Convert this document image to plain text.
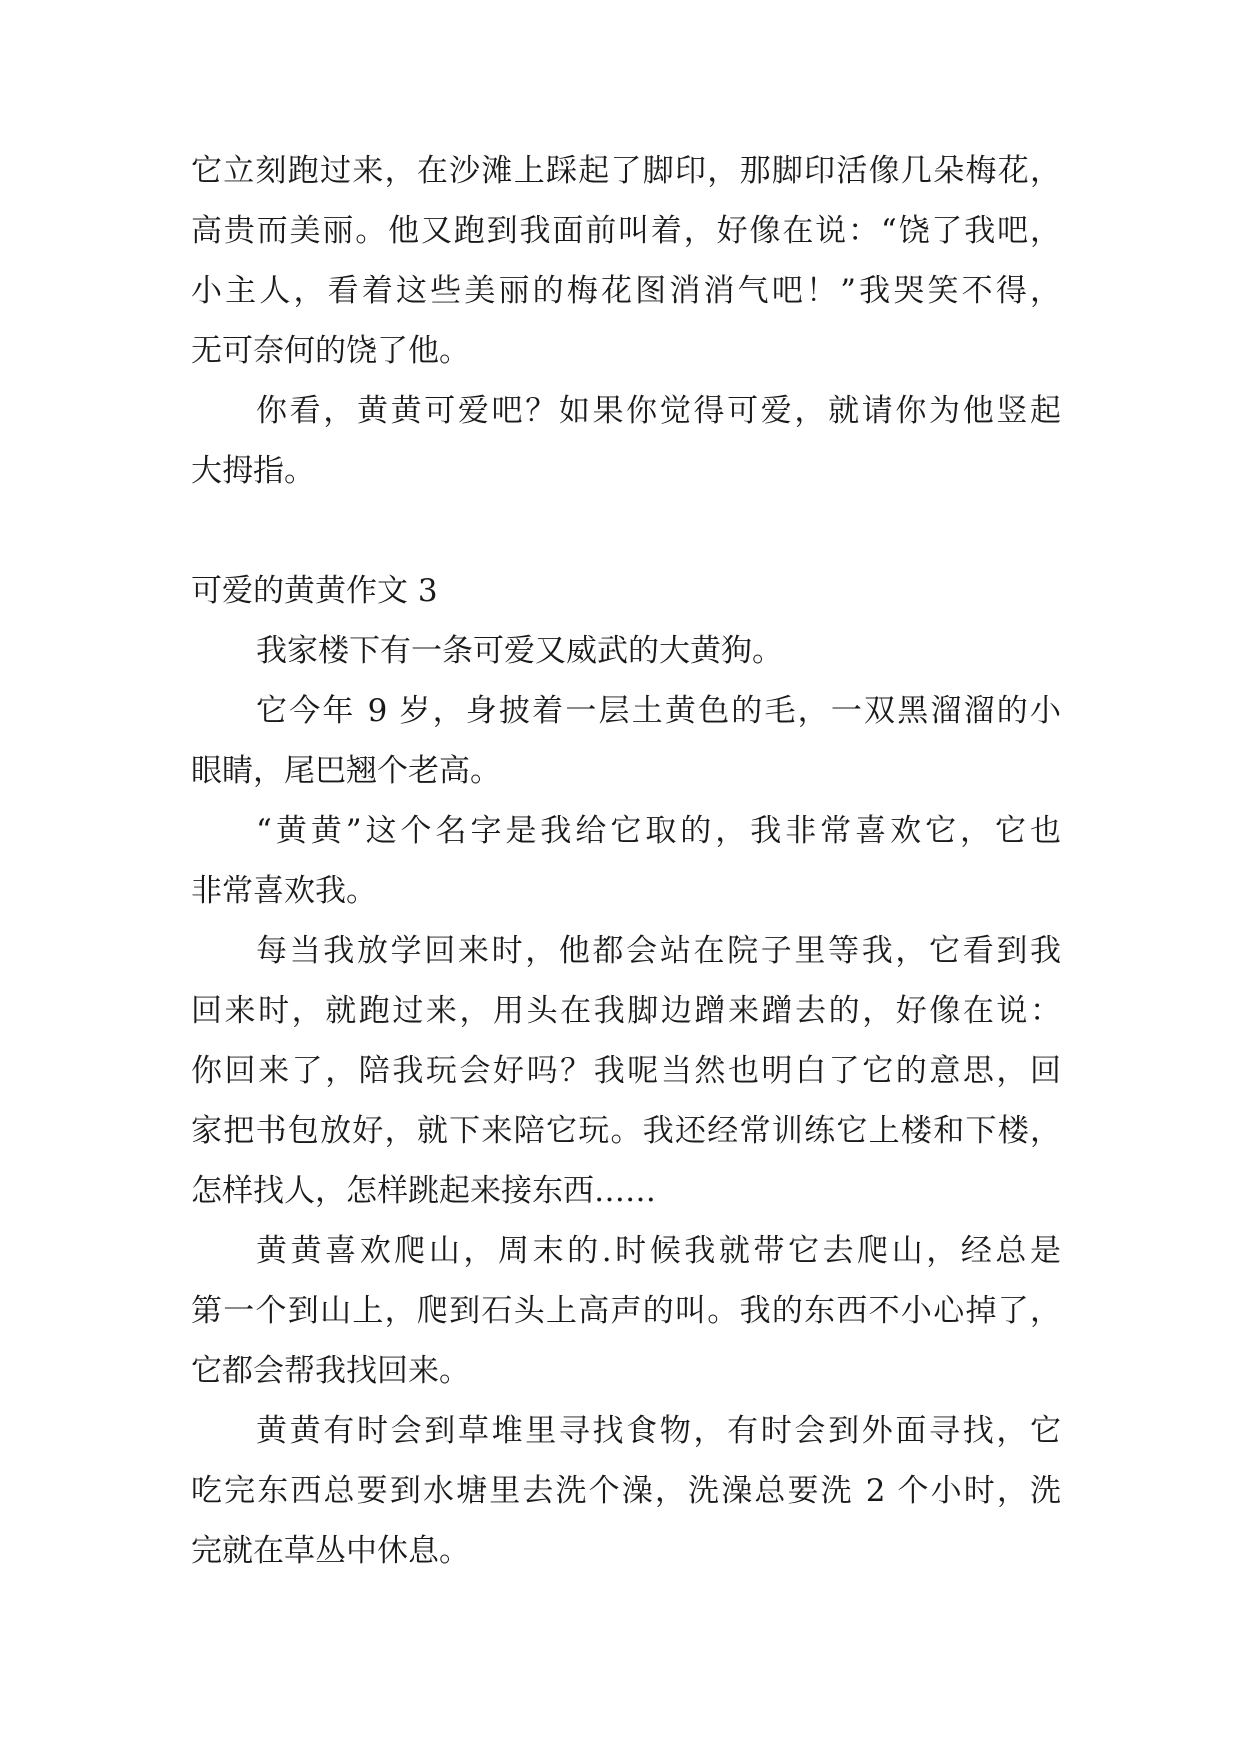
它立刻跑过来，在沙滩上踩起了脚印，那脚印活像几朵梅花，
高贵而美丽。他又跑到我面前叫着，好像在说：“饶了我吧，
小主人，看着这些美丽的梅花图消消气吧！”我哭笑不得，
无可奈何的饶了他。
你看，黄黄可爱吧？如果你觉得可爱，就请你为他竖起
大拇指。
可爱的黄黄作文 3
我家楼下有一条可爱又威武的大黄狗。
它今年 9 岁，身披着一层土黄色的毛，一双黑溜溜的小
眼睛，尾巴翘个老高。
“黄黄”这个名字是我给它取的，我非常喜欢它，它也
非常喜欢我。
每当我放学回来时，他都会站在院子里等我，它看到我
回来时，就跑过来，用头在我脚边蹭来蹭去的，好像在说：
你回来了，陪我玩会好吗？我呢当然也明白了它的意思，回
家把书包放好，就下来陪它玩。我还经常训练它上楼和下楼，
怎样找人，怎样跳起来接东西……
黄黄喜欢爬山，周末的.时候我就带它去爬山，经总是
第一个到山上，爬到石头上高声的叫。我的东西不小心掉了，
它都会帮我找回来。
黄黄有时会到草堆里寻找食物，有时会到外面寻找，它
吃完东西总要到水塘里去洗个澡，洗澡总要洗 2 个小时，洗
完就在草丛中休息。
